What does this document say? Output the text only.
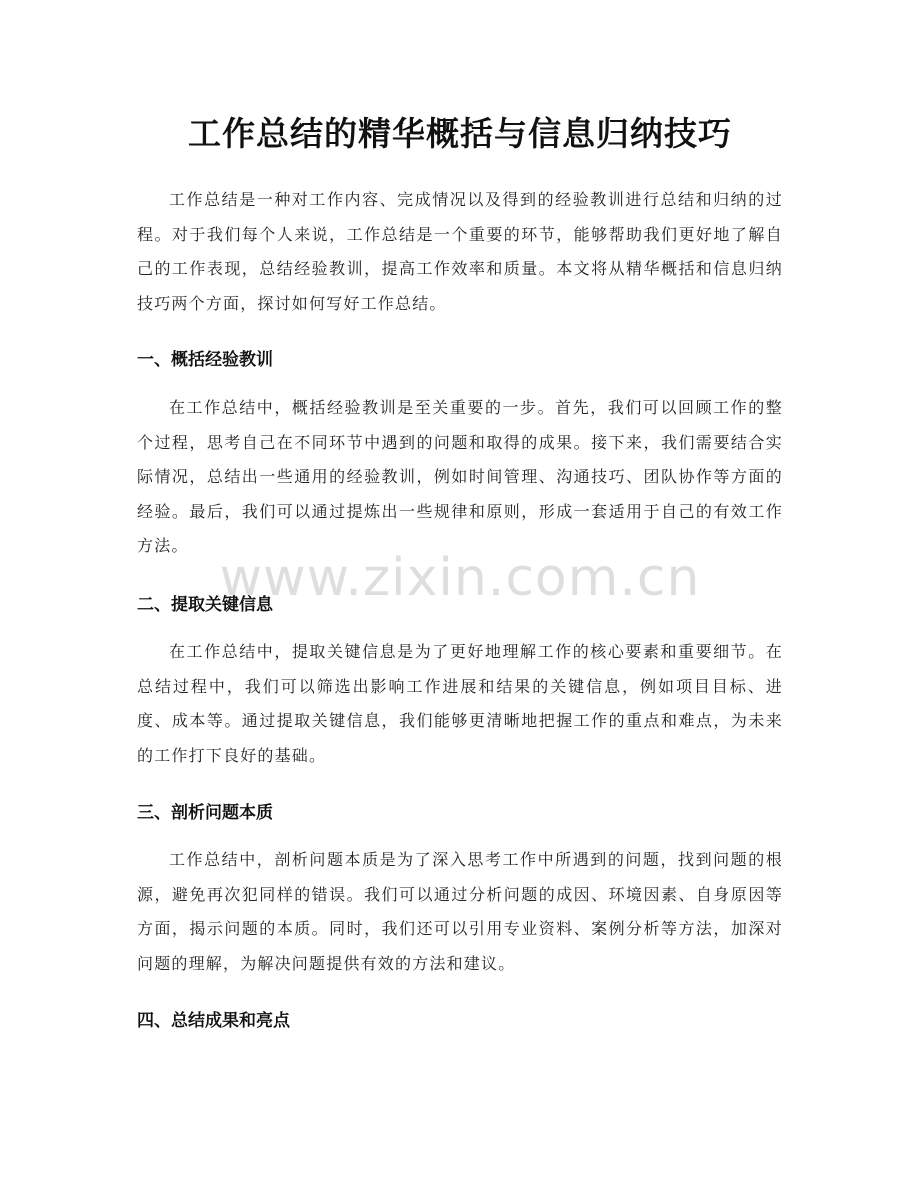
工作总结的精华概括与信息归纳技巧

工作总结是一种对工作内容、完成情况以及得到的经验教训进行总结和归纳的过程。对于我们每个人来说，工作总结是一个重要的环节，能够帮助我们更好地了解自己的工作表现，总结经验教训，提高工作效率和质量。本文将从精华概括和信息归纳技巧两个方面，探讨如何写好工作总结。

一、概括经验教训

在工作总结中，概括经验教训是至关重要的一步。首先，我们可以回顾工作的整个过程，思考自己在不同环节中遇到的问题和取得的成果。接下来，我们需要结合实际情况，总结出一些通用的经验教训，例如时间管理、沟通技巧、团队协作等方面的经验。最后，我们可以通过提炼出一些规律和原则，形成一套适用于自己的有效工作方法。

二、提取关键信息

在工作总结中，提取关键信息是为了更好地理解工作的核心要素和重要细节。在总结过程中，我们可以筛选出影响工作进展和结果的关键信息，例如项目目标、进度、成本等。通过提取关键信息，我们能够更清晰地把握工作的重点和难点，为未来的工作打下良好的基础。

三、剖析问题本质

工作总结中，剖析问题本质是为了深入思考工作中所遇到的问题，找到问题的根源，避免再次犯同样的错误。我们可以通过分析问题的成因、环境因素、自身原因等方面，揭示问题的本质。同时，我们还可以引用专业资料、案例分析等方法，加深对问题的理解，为解决问题提供有效的方法和建议。

四、总结成果和亮点
www.zixin.com.cn
